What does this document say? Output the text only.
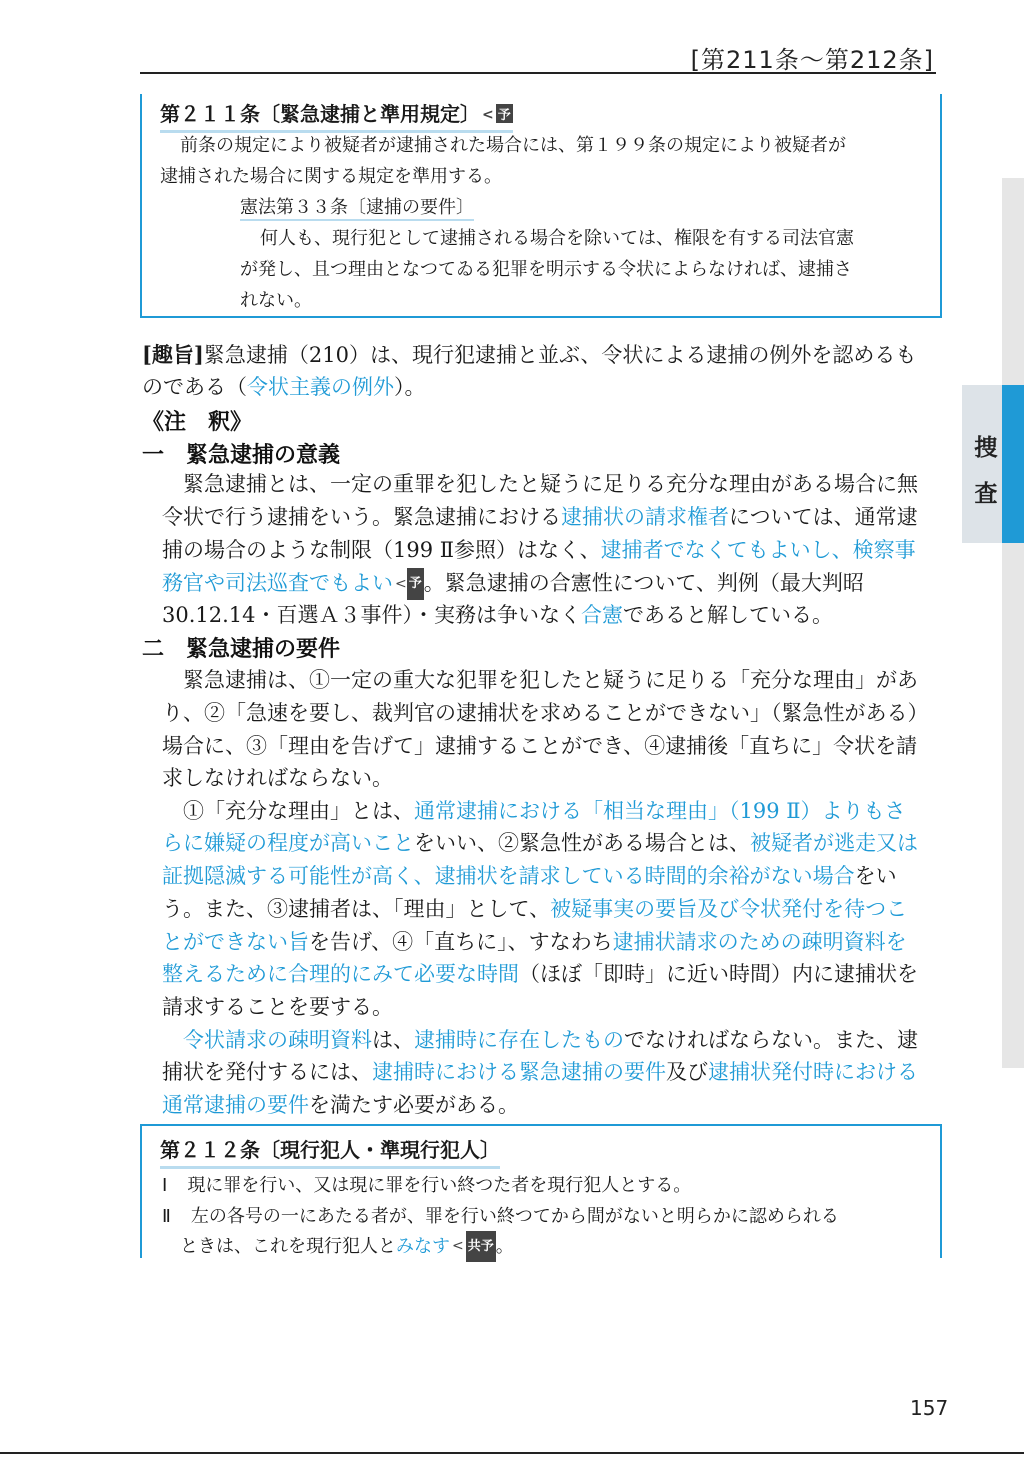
[第211条〜第212条]
捜査
第２１１条〔緊急逮捕と準用規定〕 < 予
前条の規定により被疑者が逮捕された場合には、第１９９条の規定により被疑者が
逮捕された場合に関する規定を準用する。
憲法第３３条〔逮捕の要件〕
何人も、現行犯として逮捕される場合を除いては、権限を有する司法官憲
が発し、且つ理由となつてゐる犯罪を明示する令状によらなければ、逮捕さ
れない。
[趣旨]緊急逮捕（210）は、現行犯逮捕と並ぶ、令状による逮捕の例外を認めるも
のである（令状主義の例外）。
《注　釈》
一　緊急逮捕の意義
緊急逮捕とは、一定の重罪を犯したと疑うに足りる充分な理由がある場合に無
令状で行う逮捕をいう。緊急逮捕における逮捕状の請求権者については、通常逮
捕の場合のような制限（199 Ⅱ参照）はなく、逮捕者でなくてもよいし、検察事
務官や司法巡査でもよい < 予。緊急逮捕の合憲性について、判例（最大判昭
30.12.14・百選Ａ３事件）・実務は争いなく合憲であると解している。
二　緊急逮捕の要件
緊急逮捕は、①一定の重大な犯罪を犯したと疑うに足りる「充分な理由」があ
り、②「急速を要し、裁判官の逮捕状を求めることができない」（緊急性がある）
場合に、③「理由を告げて」逮捕することができ、④逮捕後「直ちに」令状を請
求しなければならない。
①「充分な理由」とは、通常逮捕における「相当な理由」（199 Ⅱ）よりもさ
らに嫌疑の程度が高いことをいい、②緊急性がある場合とは、被疑者が逃走又は
証拠隠滅する可能性が高く、逮捕状を請求している時間的余裕がない場合をい
う。また、③逮捕者は、「理由」として、被疑事実の要旨及び令状発付を待つこ
とができない旨を告げ、④「直ちに」、すなわち逮捕状請求のための疎明資料を
整えるために合理的にみて必要な時間（ほぼ「即時」に近い時間）内に逮捕状を
請求することを要する。
令状請求の疎明資料は、逮捕時に存在したものでなければならない。また、逮
捕状を発付するには、逮捕時における緊急逮捕の要件及び逮捕状発付時における
通常逮捕の要件を満たす必要がある。
第２１２条〔現行犯人・準現行犯人〕
Ⅰ 現に罪を行い、又は現に罪を行い終つた者を現行犯人とする。
Ⅱ 左の各号の一にあたる者が、罪を行い終つてから間がないと明らかに認められる
ときは、これを現行犯人とみなす < 共予 。
157
